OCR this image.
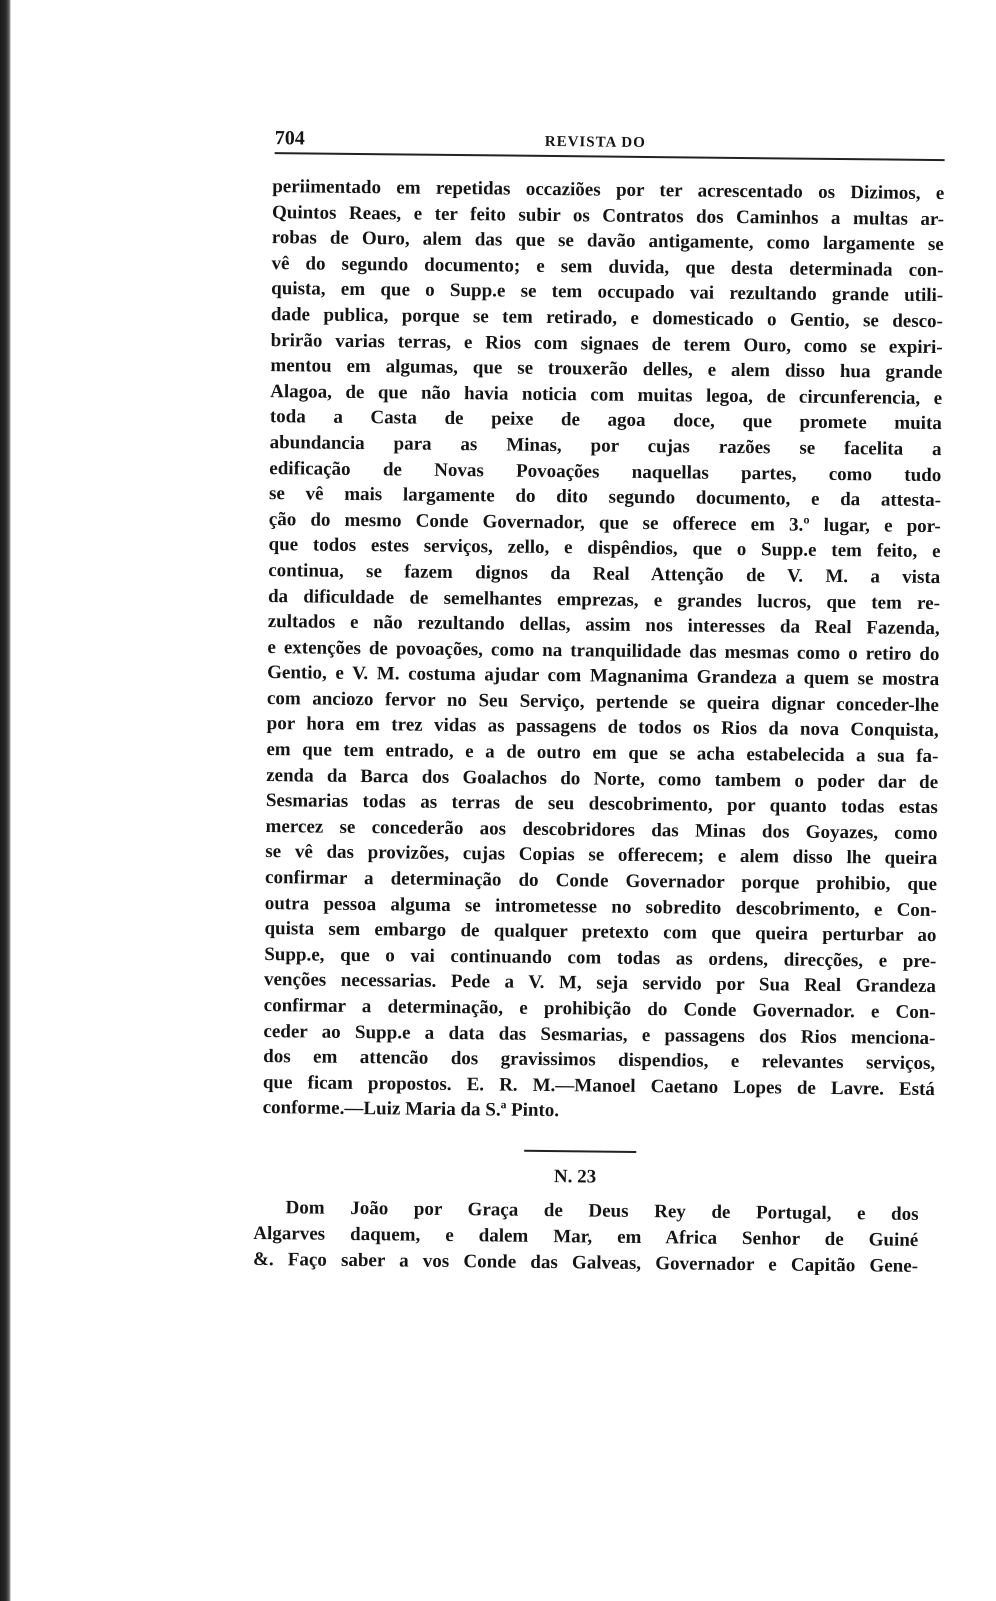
704	REVISTA DO
periimentado em repetidas occaziões por ter acrescentado os Dizimos, e
Quintos Reaes, e ter feito subir os Contratos dos Caminhos a multas ar-
robas de Ouro, alem das que se davão antigamente, como largamente se
vê do segundo documento; e sem duvida, que desta determinada con-
quista, em que o Supp.e se tem occupado vai rezultando grande utili-
dade publica, porque se tem retirado, e domesticado o Gentio, se desco-
brirão varias terras, e Rios com signaes de terem Ouro, como se expiri-
mentou em algumas, que se trouxerão delles, e alem disso hua grande
Alagoa, de que não havia noticia com muitas legoa, de circunferencia, e
toda a Casta de peixe de agoa doce, que promete muita
abundancia para as Minas, por cujas razões se facelita a
edificação de Novas Povoações naquellas partes, como tudo
se vê mais largamente do dito segundo documento, e da attesta-
ção do mesmo Conde Governador, que se offerece em 3.º lugar, e por-
que todos estes serviços, zello, e dispêndios, que o Supp.e tem feito, e
continua, se fazem dignos da Real Attenção de V. M. a vista
da dificuldade de semelhantes emprezas, e grandes lucros, que tem re-
zultados e não rezultando dellas, assim nos interesses da Real Fazenda,
e extenções de povoações, como na tranquilidade das mesmas como o retiro do
Gentio, e V. M. costuma ajudar com Magnanima Grandeza a quem se mostra
com anciozo fervor no Seu Serviço, pertende se queira dignar conceder-lhe
por hora em trez vidas as passagens de todos os Rios da nova Conquista,
em que tem entrado, e a de outro em que se acha estabelecida a sua fa-
zenda da Barca dos Goalachos do Norte, como tambem o poder dar de
Sesmarias todas as terras de seu descobrimento, por quanto todas estas
mercez se concederão aos descobridores das Minas dos Goyazes, como
se vê das provizões, cujas Copias se offerecem; e alem disso lhe queira
confirmar a determinação do Conde Governador porque prohibio, que
outra pessoa alguma se intrometesse no sobredito descobrimento, e Con-
quista sem embargo de qualquer pretexto com que queira perturbar ao
Supp.e, que o vai continuando com todas as ordens, direcções, e pre-
venções necessarias. Pede a V. M, seja servido por Sua Real Grandeza
confirmar a determinação, e prohibição do Conde Governador. e Con-
ceder ao Supp.e a data das Sesmarias, e passagens dos Rios menciona-
dos em attencão dos gravissimos dispendios, e relevantes serviços,
que ficam propostos. E. R. M.—Manoel Caetano Lopes de Lavre. Está
conforme.—Luiz Maria da S.ª Pinto.
N. 23
Dom João por Graça de Deus Rey de Portugal, e dos
Algarves daquem, e dalem Mar, em Africa Senhor de Guiné
&. Faço saber a vos Conde das Galveas, Governador e Capitão Gene-
